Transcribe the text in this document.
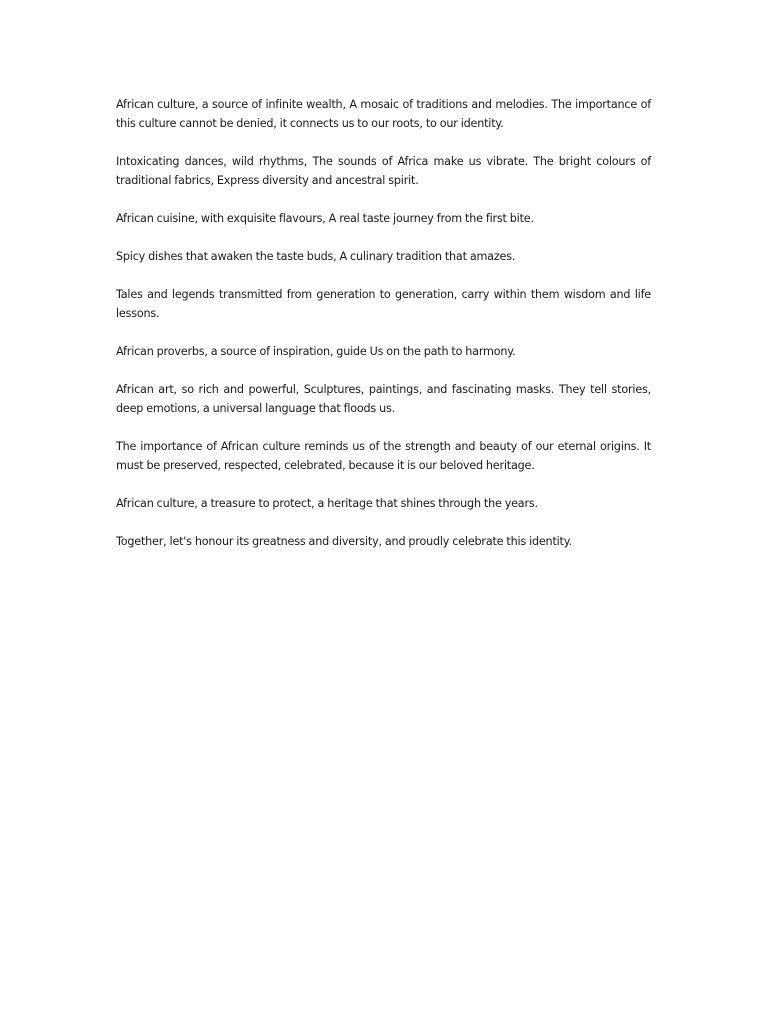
African culture, a source of infinite wealth, A mosaic of traditions and melodies. The importance of this culture cannot be denied, it connects us to our roots, to our identity.

Intoxicating dances, wild rhythms, The sounds of Africa make us vibrate. The bright colours of traditional fabrics, Express diversity and ancestral spirit.

African cuisine, with exquisite flavours, A real taste journey from the first bite.

Spicy dishes that awaken the taste buds, A culinary tradition that amazes.

Tales and legends transmitted from generation to generation, carry within them wisdom and life lessons.

African proverbs, a source of inspiration, guide Us on the path to harmony.

African art, so rich and powerful, Sculptures, paintings, and fascinating masks. They tell stories, deep emotions, a universal language that floods us.

The importance of African culture reminds us of the strength and beauty of our eternal origins. It must be preserved, respected, celebrated, because it is our beloved heritage.

African culture, a treasure to protect, a heritage that shines through the years.

Together, let's honour its greatness and diversity, and proudly celebrate this identity.
